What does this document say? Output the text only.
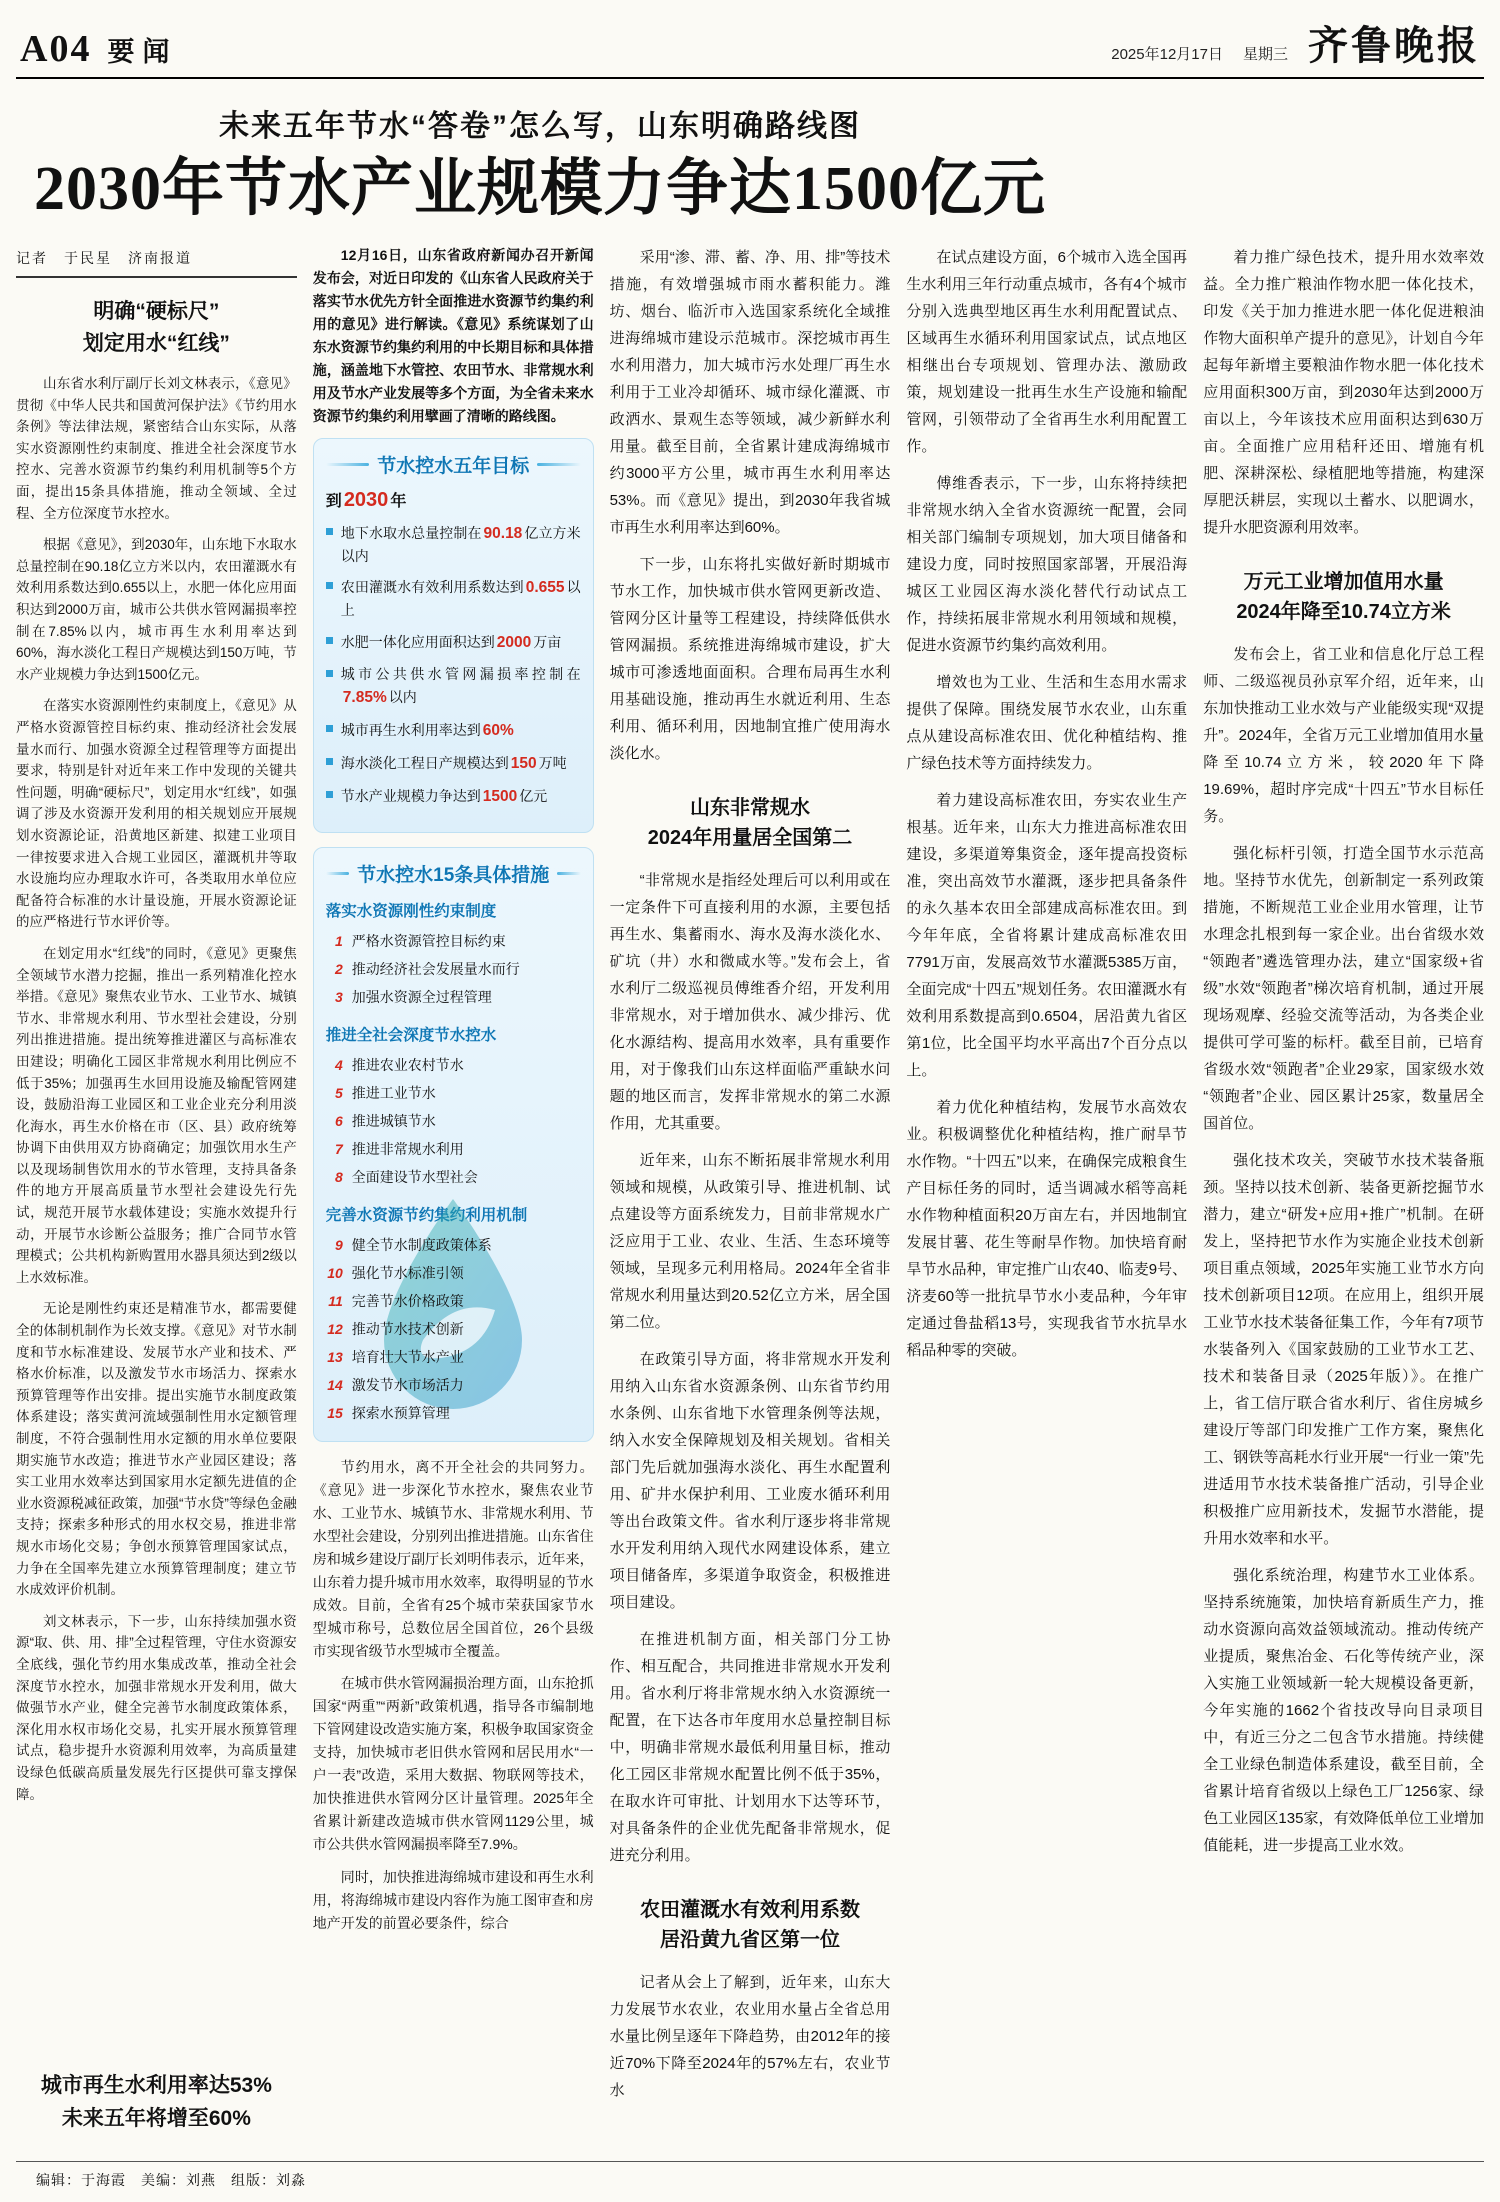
A04 要闻	2025年12月17日 星期三 齐鲁晚报
未来五年节水“答卷”怎么写，山东明确路线图
2030年节水产业规模力争达1500亿元
记者　于民星　济南报道
明确“硬标尺”
划定用水“红线”

山东省水利厅副厅长刘文林表示，《意见》贯彻《中华人民共和国黄河保护法》《节约用水条例》等法律法规，紧密结合山东实际，从落实水资源刚性约束制度、推进全社会深度节水控水、完善水资源节约集约利用机制等5个方面，提出15条具体措施，推动全领域、全过程、全方位深度节水控水。

根据《意见》，到2030年，山东地下水取水总量控制在90.18亿立方米以内，农田灌溉水有效利用系数达到0.655以上，水肥一体化应用面积达到2000万亩，城市公共供水管网漏损率控制在7.85%以内，城市再生水利用率达到60%，海水淡化工程日产规模达到150万吨，节水产业规模力争达到1500亿元。

在落实水资源刚性约束制度上，《意见》从严格水资源管控目标约束、推动经济社会发展量水而行、加强水资源全过程管理等方面提出要求，特别是针对近年来工作中发现的关键共性问题，明确“硬标尺”，划定用水“红线”，如强调了涉及水资源开发利用的相关规划应开展规划水资源论证，沿黄地区新建、拟建工业项目一律按要求进入合规工业园区，灌溉机井等取水设施均应办理取水许可，各类取用水单位应配备符合标准的水计量设施，开展水资源论证的应严格进行节水评价等。

在划定用水“红线”的同时，《意见》更聚焦全领域节水潜力挖掘，推出一系列精准化控水举措。《意见》聚焦农业节水、工业节水、城镇节水、非常规水利用、节水型社会建设，分别列出推进措施。提出统筹推进灌区与高标准农田建设；明确化工园区非常规水利用比例应不低于35%；加强再生水回用设施及输配管网建设，鼓励沿海工业园区和工业企业充分利用淡化海水，再生水价格在市（区、县）政府统筹协调下由供用双方协商确定；加强饮用水生产以及现场制售饮用水的节水管理，支持具备条件的地方开展高质量节水型社会建设先行先试，规范开展节水载体建设；实施水效提升行动，开展节水诊断公益服务；推广合同节水管理模式；公共机构新购置用水器具须达到2级以上水效标准。

无论是刚性约束还是精准节水，都需要健全的体制机制作为长效支撑。《意见》对节水制度和节水标准建设、发展节水产业和技术、严格水价标准，以及激发节水市场活力、探索水预算管理等作出安排。提出实施节水制度政策体系建设；落实黄河流域强制性用水定额管理制度，不符合强制性用水定额的用水单位要限期实施节水改造；推进节水产业园区建设；落实工业用水效率达到国家用水定额先进值的企业水资源税减征政策，加强“节水贷”等绿色金融支持；探索多种形式的用水权交易，推进非常规水市场化交易；争创水预算管理国家试点，力争在全国率先建立水预算管理制度；建立节水成效评价机制。

刘文林表示，下一步，山东持续加强水资源“取、供、用、排”全过程管理，守住水资源安全底线，强化节约用水集成改革，推动全社会深度节水控水，加强非常规水开发利用，做大做强节水产业，健全完善节水制度政策体系，深化用水权市场化交易，扎实开展水预算管理试点，稳步提升水资源利用效率，为高质量建设绿色低碳高质量发展先行区提供可靠支撑保障。

城市再生水利用率达53%
未来五年将增至60%

12月16日，山东省政府新闻办召开新闻发布会，对近日印发的《山东省人民政府关于落实节水优先方针全面推进水资源节约集约利用的意见》进行解读。《意见》系统谋划了山东水资源节约集约利用的中长期目标和具体措施，涵盖地下水管控、农田节水、非常规水利用及节水产业发展等多个方面，为全省未来水资源节约集约利用擘画了清晰的路线图。

节水控水五年目标
到 2030 年
地下水取水总量控制在 90.18 亿立方米以内
农田灌溉水有效利用系数达到 0.655 以上
水肥一体化应用面积达到 2000 万亩
城市公共供水管网漏损率控制在7.85% 以内
城市再生水利用率达到 60%
海水淡化工程日产规模达到 150 万吨
节水产业规模力争达到 1500 亿元
节水控水15条具体措施
落实水资源刚性约束制度
1 严格水资源管控目标约束
2 推动经济社会发展量水而行
3 加强水资源全过程管理
推进全社会深度节水控水
4 推进农业农村节水
5 推进工业节水
6 推进城镇节水
7 推进非常规水利用
8 全面建设节水型社会
完善水资源节约集约利用机制
9 健全节水制度政策体系
10 强化节水标准引领
11 完善节水价格政策
12 推动节水技术创新
13 培育壮大节水产业
14 激发节水市场活力
15 探索水预算管理

节约用水，离不开全社会的共同努力。《意见》进一步深化节水控水，聚焦农业节水、工业节水、城镇节水、非常规水利用、节水型社会建设，分别列出推进措施。山东省住房和城乡建设厅副厅长刘明伟表示，近年来，山东着力提升城市用水效率，取得明显的节水成效。目前，全省有25个城市荣获国家节水型城市称号，总数位居全国首位，26个县级市实现省级节水型城市全覆盖。

在城市供水管网漏损治理方面，山东抢抓国家“两重”“两新”政策机遇，指导各市编制地下管网建设改造实施方案，积极争取国家资金支持，加快城市老旧供水管网和居民用水“一户一表”改造，采用大数据、物联网等技术，加快推进供水管网分区计量管理。2025年全省累计新建改造城市供水管网1129公里，城市公共供水管网漏损率降至7.9%。

同时，加快推进海绵城市建设和再生水利用，将海绵城市建设内容作为施工图审查和房地产开发的前置必要条件，综合

采用“渗、滞、蓄、净、用、排”等技术措施，有效增强城市雨水蓄积能力。潍坊、烟台、临沂市入选国家系统化全域推进海绵城市建设示范城市。深挖城市再生水利用潜力，加大城市污水处理厂再生水利用于工业冷却循环、城市绿化灌溉、市政洒水、景观生态等领域，减少新鲜水利用量。截至目前，全省累计建成海绵城市约3000平方公里，城市再生水利用率达53%。而《意见》提出，到2030年我省城市再生水利用率达到60%。

下一步，山东将扎实做好新时期城市节水工作，加快城市供水管网更新改造、管网分区计量等工程建设，持续降低供水管网漏损。系统推进海绵城市建设，扩大城市可渗透地面面积。合理布局再生水利用基础设施，推动再生水就近利用、生态利用、循环利用，因地制宜推广使用海水淡化水。

山东非常规水
2024年用量居全国第二

“非常规水是指经处理后可以利用或在一定条件下可直接利用的水源，主要包括再生水、集蓄雨水、海水及海水淡化水、矿坑（井）水和微咸水等。”发布会上，省水利厅二级巡视员傅维香介绍，开发利用非常规水，对于增加供水、减少排污、优化水源结构、提高用水效率，具有重要作用，对于像我们山东这样面临严重缺水问题的地区而言，发挥非常规水的第二水源作用，尤其重要。

近年来，山东不断拓展非常规水利用领域和规模，从政策引导、推进机制、试点建设等方面系统发力，目前非常规水广泛应用于工业、农业、生活、生态环境等领域，呈现多元利用格局。2024年全省非常规水利用量达到20.52亿立方米，居全国第二位。

在政策引导方面，将非常规水开发利用纳入山东省水资源条例、山东省节约用水条例、山东省地下水管理条例等法规，纳入水安全保障规划及相关规划。省相关部门先后就加强海水淡化、再生水配置利用、矿井水保护利用、工业废水循环利用等出台政策文件。省水利厅逐步将非常规水开发利用纳入现代水网建设体系，建立项目储备库，多渠道争取资金，积极推进项目建设。

在推进机制方面，相关部门分工协作、相互配合，共同推进非常规水开发利用。省水利厅将非常规水纳入水资源统一配置，在下达各市年度用水总量控制目标中，明确非常规水最低利用量目标，推动化工园区非常规水配置比例不低于35%，在取水许可审批、计划用水下达等环节，对具备条件的企业优先配备非常规水，促进充分利用。

农田灌溉水有效利用系数
居沿黄九省区第一位

记者从会上了解到，近年来，山东大力发展节水农业，农业用水量占全省总用水量比例呈逐年下降趋势，由2012年的接近70%下降至2024年的57%左右，农业节水

在试点建设方面，6个城市入选全国再生水利用三年行动重点城市，各有4个城市分别入选典型地区再生水利用配置试点、区域再生水循环利用国家试点，试点地区相继出台专项规划、管理办法、激励政策，规划建设一批再生水生产设施和输配管网，引领带动了全省再生水利用配置工作。

傅维香表示，下一步，山东将持续把非常规水纳入全省水资源统一配置，会同相关部门编制专项规划，加大项目储备和建设力度，同时按照国家部署，开展沿海城区工业园区海水淡化替代行动试点工作，持续拓展非常规水利用领域和规模，促进水资源节约集约高效利用。

增效也为工业、生活和生态用水需求提供了保障。围绕发展节水农业，山东重点从建设高标准农田、优化种植结构、推广绿色技术等方面持续发力。

着力建设高标准农田，夯实农业生产根基。近年来，山东大力推进高标准农田建设，多渠道筹集资金，逐年提高投资标准，突出高效节水灌溉，逐步把具备条件的永久基本农田全部建成高标准农田。到今年年底，全省将累计建成高标准农田7791万亩，发展高效节水灌溉5385万亩，全面完成“十四五”规划任务。农田灌溉水有效利用系数提高到0.6504，居沿黄九省区第1位，比全国平均水平高出7个百分点以上。

着力优化种植结构，发展节水高效农业。积极调整优化种植结构，推广耐旱节水作物。“十四五”以来，在确保完成粮食生产目标任务的同时，适当调减水稻等高耗水作物种植面积20万亩左右，并因地制宜发展甘薯、花生等耐旱作物。加快培育耐旱节水品种，审定推广山农40、临麦9号、济麦60等一批抗旱节水小麦品种，今年审定通过鲁盐稻13号，实现我省节水抗旱水稻品种零的突破。

着力推广绿色技术，提升用水效率效益。全力推广粮油作物水肥一体化技术，印发《关于加力推进水肥一体化促进粮油作物大面积单产提升的意见》，计划自今年起每年新增主要粮油作物水肥一体化技术应用面积300万亩，到2030年达到2000万亩以上，今年该技术应用面积达到630万亩。全面推广应用秸秆还田、增施有机肥、深耕深松、绿植肥地等措施，构建深厚肥沃耕层，实现以土蓄水、以肥调水，提升水肥资源利用效率。

万元工业增加值用水量
2024年降至10.74立方米

发布会上，省工业和信息化厅总工程师、二级巡视员孙京军介绍，近年来，山东加快推动工业水效与产业能级实现“双提升”。2024年，全省万元工业增加值用水量降至10.74立方米，较2020年下降19.69%，超时序完成“十四五”节水目标任务。

强化标杆引领，打造全国节水示范高地。坚持节水优先，创新制定一系列政策措施，不断规范工业企业用水管理，让节水理念扎根到每一家企业。出台省级水效“领跑者”遴选管理办法，建立“国家级+省级”水效“领跑者”梯次培育机制，通过开展现场观摩、经验交流等活动，为各类企业提供可学可鉴的标杆。截至目前，已培育省级水效“领跑者”企业29家，国家级水效“领跑者”企业、园区累计25家，数量居全国首位。

强化技术攻关，突破节水技术装备瓶颈。坚持以技术创新、装备更新挖掘节水潜力，建立“研发+应用+推广”机制。在研发上，坚持把节水作为实施企业技术创新项目重点领域，2025年实施工业节水方向技术创新项目12项。在应用上，组织开展工业节水技术装备征集工作，今年有7项节水装备列入《国家鼓励的工业节水工艺、技术和装备目录（2025年版）》。在推广上，省工信厅联合省水利厅、省住房城乡建设厅等部门印发推广工作方案，聚焦化工、钢铁等高耗水行业开展“一行业一策”先进适用节水技术装备推广活动，引导企业积极推广应用新技术，发掘节水潜能，提升用水效率和水平。

强化系统治理，构建节水工业体系。坚持系统施策，加快培育新质生产力，推动水资源向高效益领域流动。推动传统产业提质，聚焦冶金、石化等传统产业，深入实施工业领域新一轮大规模设备更新，今年实施的1662个省技改导向目录项目中，有近三分之二包含节水措施。持续健全工业绿色制造体系建设，截至目前，全省累计培育省级以上绿色工厂1256家、绿色工业园区135家，有效降低单位工业增加值能耗，进一步提高工业水效。

编辑：于海霞　美编：刘燕　组版：刘淼
